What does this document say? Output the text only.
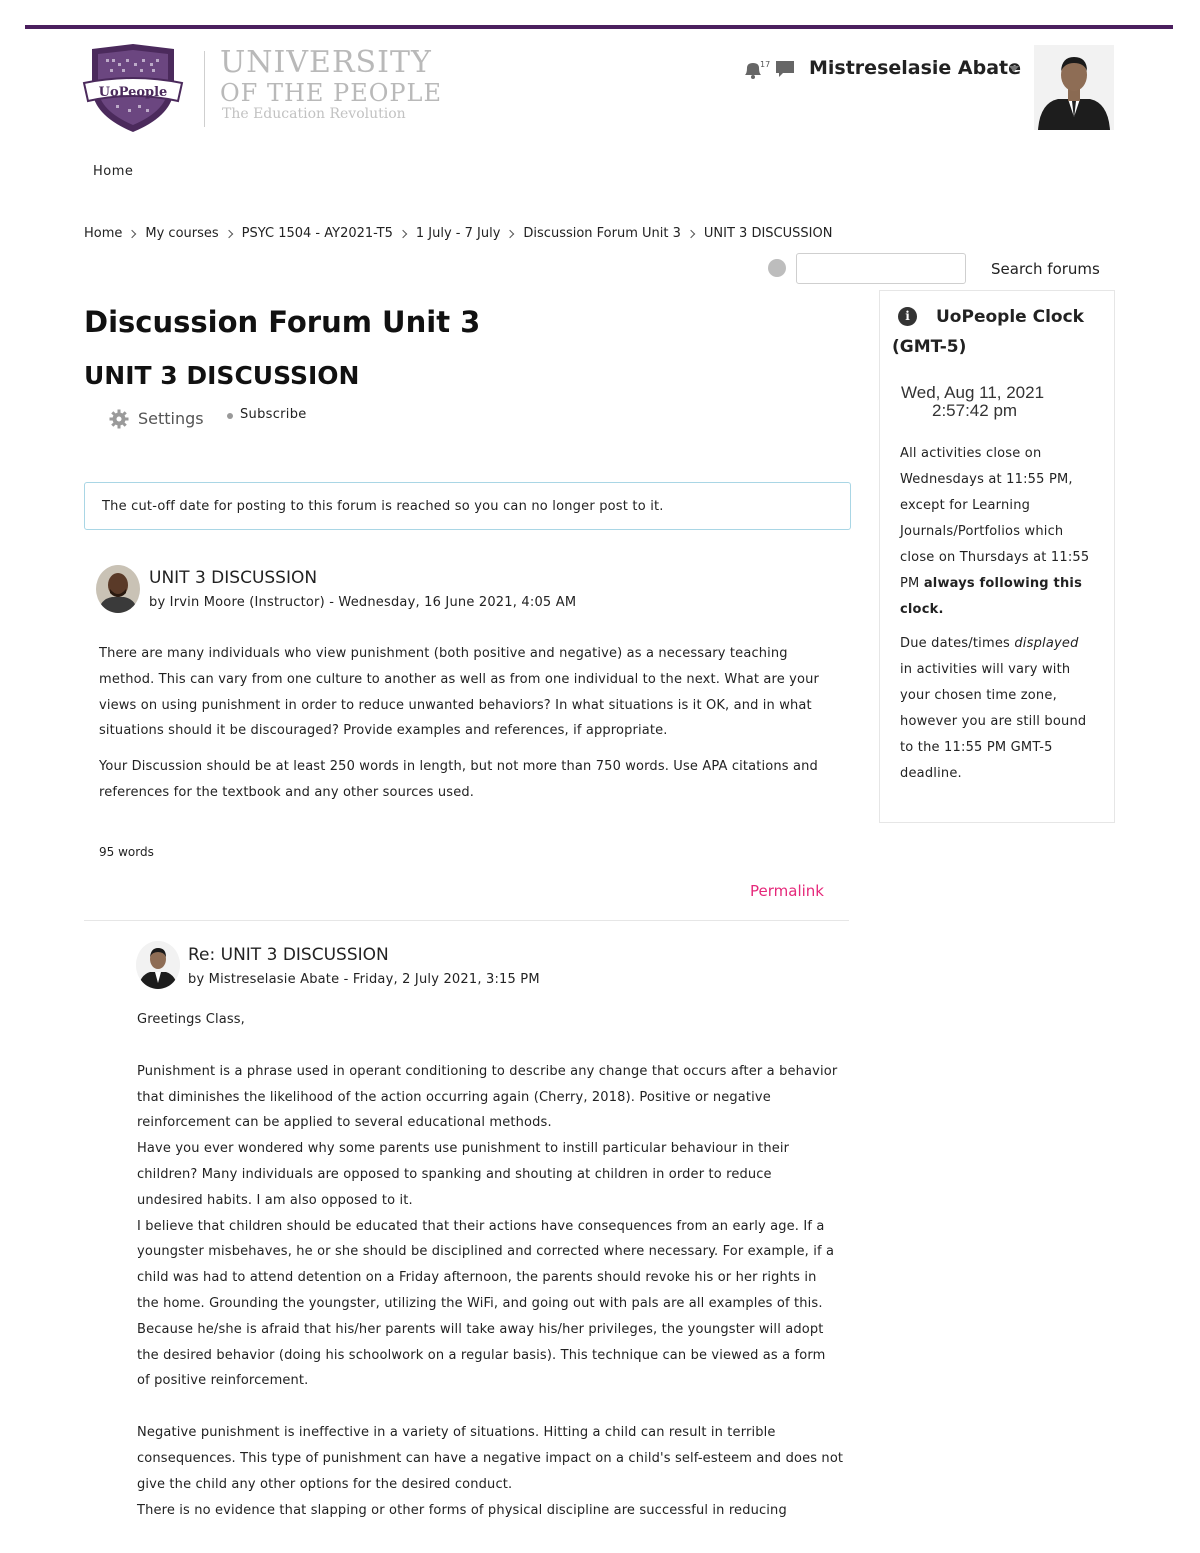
UoPeople
UNIVERSITY
OF THE PEOPLE
The Education Revolution
17 Mistreselasie Abate
Home
Home My courses PSYC 1504 - AY2021-T5 1 July - 7 July Discussion Forum Unit 3 UNIT 3 DISCUSSION
Search forums
Discussion Forum Unit 3
UNIT 3 DISCUSSION
Settings	Subscribe
The cut-off date for posting to this forum is reached so you can no longer post to it.
UNIT 3 DISCUSSION
by Irvin Moore (Instructor) - Wednesday, 16 June 2021, 4:05 AM

There are many individuals who view punishment (both positive and negative) as a necessary teaching method. This can vary from one culture to another as well as from one individual to the next. What are your views on using punishment in order to reduce unwanted behaviors? In what situations is it OK, and in what situations should it be discouraged? Provide examples and references, if appropriate.

Your Discussion should be at least 250 words in length, but not more than 750 words. Use APA citations and references for the textbook and any other sources used.

95 words
Permalink
Re: UNIT 3 DISCUSSION
by Mistreselasie Abate - Friday, 2 July 2021, 3:15 PM
Greetings Class,
Punishment is a phrase used in operant conditioning to describe any change that occurs after a behavior
that diminishes the likelihood of the action occurring again (Cherry, 2018). Positive or negative
reinforcement can be applied to several educational methods.
Have you ever wondered why some parents use punishment to instill particular behaviour in their
children? Many individuals are opposed to spanking and shouting at children in order to reduce
undesired habits. I am also opposed to it.
I believe that children should be educated that their actions have consequences from an early age. If a
youngster misbehaves, he or she should be disciplined and corrected where necessary. For example, if a
child was had to attend detention on a Friday afternoon, the parents should revoke his or her rights in
the home. Grounding the youngster, utilizing the WiFi, and going out with pals are all examples of this.
Because he/she is afraid that his/her parents will take away his/her privileges, the youngster will adopt
the desired behavior (doing his schoolwork on a regular basis). This technique can be viewed as a form
of positive reinforcement.
Negative punishment is ineffective in a variety of situations. Hitting a child can result in terrible
consequences. This type of punishment can have a negative impact on a child's self-esteem and does not
give the child any other options for the desired conduct.
There is no evidence that slapping or other forms of physical discipline are successful in reducing
i	UoPeople Clock
(GMT-5)
Wed, Aug 11, 2021
2:57:42 pm
All activities close on
Wednesdays at 11:55 PM,
except for Learning
Journals/Portfolios which
close on Thursdays at 11:55
PM always following this
clock.
Due dates/times displayed
in activities will vary with
your chosen time zone,
however you are still bound
to the 11:55 PM GMT-5
deadline.
